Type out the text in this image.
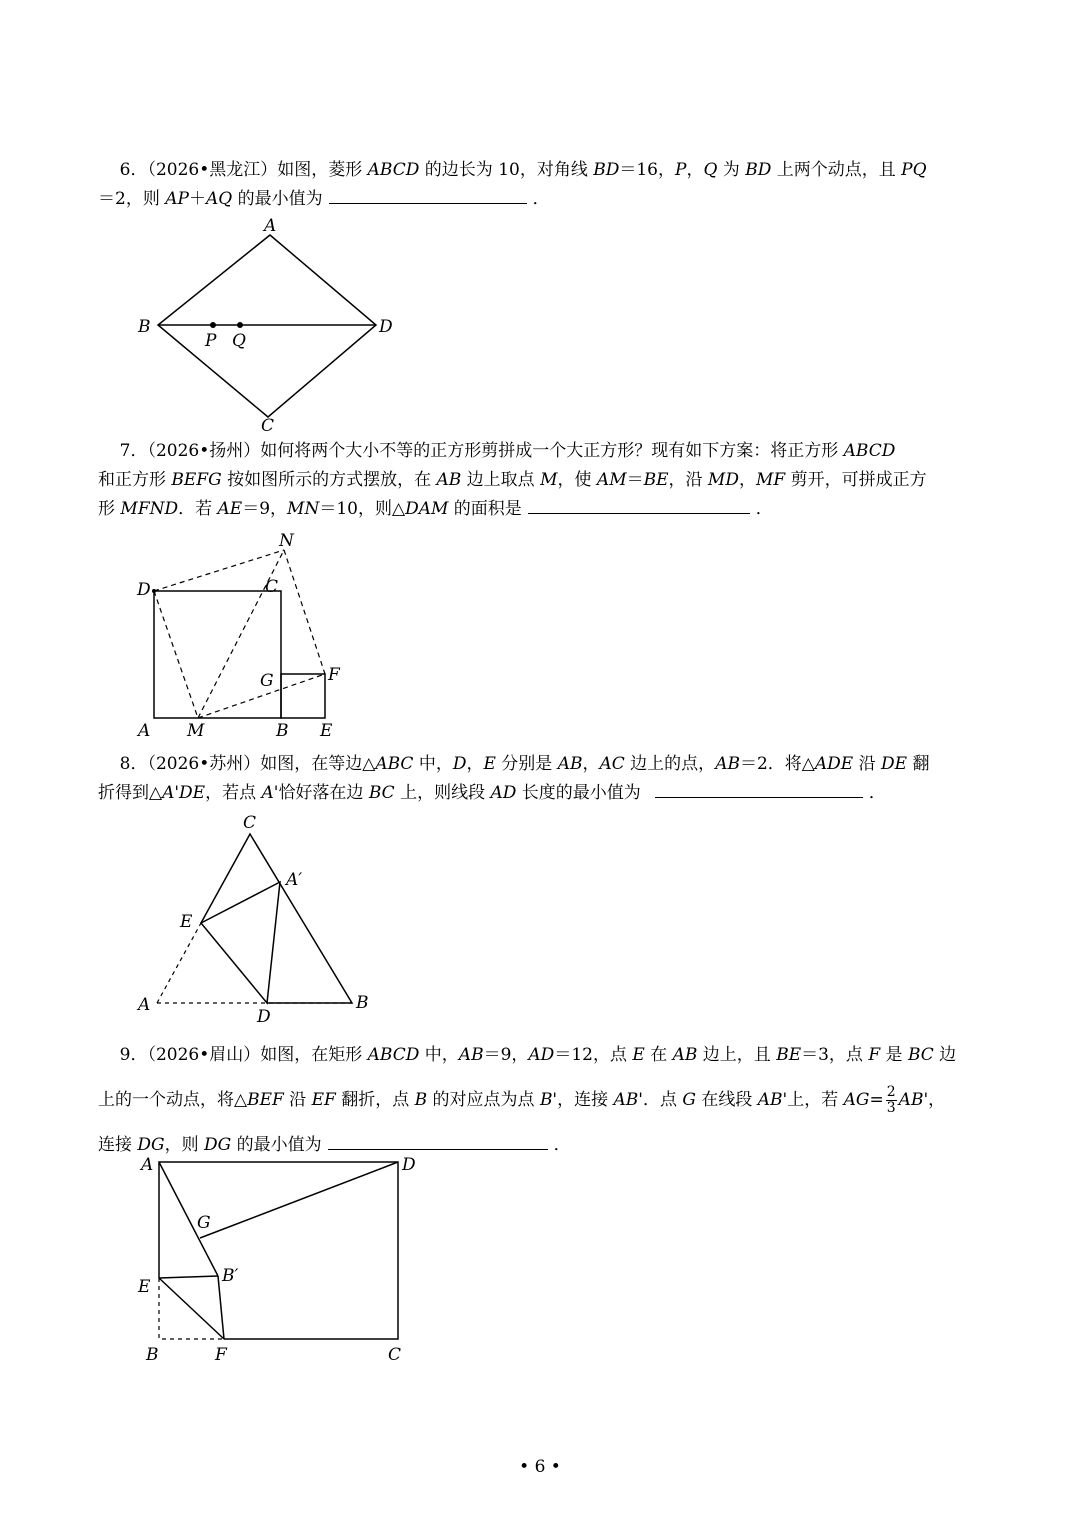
6．（2026•黑龙江）如图，菱形 ABCD 的边长为 10，对角线 BD＝16，P，Q 为 BD 上两个动点，且 PQ
＝2，则 AP＋AQ 的最小值为	．

A
B	D
C
P Q

7．（2026•扬州）如何将两个大小不等的正方形剪拼成一个大正方形？现有如下方案：将正方形 ABCD
和正方形 BEFG 按如图所示的方式摆放，在 AB 边上取点 M，使 AM＝BE，沿 MD，MF 剪开，可拼成正方
形 MFND．若 AE＝9，MN＝10，则△DAM 的面积是	．

N
D	C
G	F
A M	B E

8．（2026•苏州）如图，在等边△ABC 中，D，E 分别是 AB，AC 边上的点，AB＝2．将△ADE 沿 DE 翻
折得到△A'DE，若点 A'恰好落在边 BC 上，则线段 AD 长度的最小值为	．

C
A′
E
A
D
B

9．（2026•眉山）如图，在矩形 ABCD 中，AB＝9，AD＝12，点 E 在 AB 边上，且 BE＝3，点 F 是 BC 边
上的一个动点，将△BEF 沿 EF 翻折，点 B 的对应点为点 B'，连接 AB'．点 G 在线段 AB'上，若 $AG= \frac{2}{3} AB'$，
连接 DG，则 DG 的最小值为	．

A	D
G
B′
E
B	F	C
• 6 •
